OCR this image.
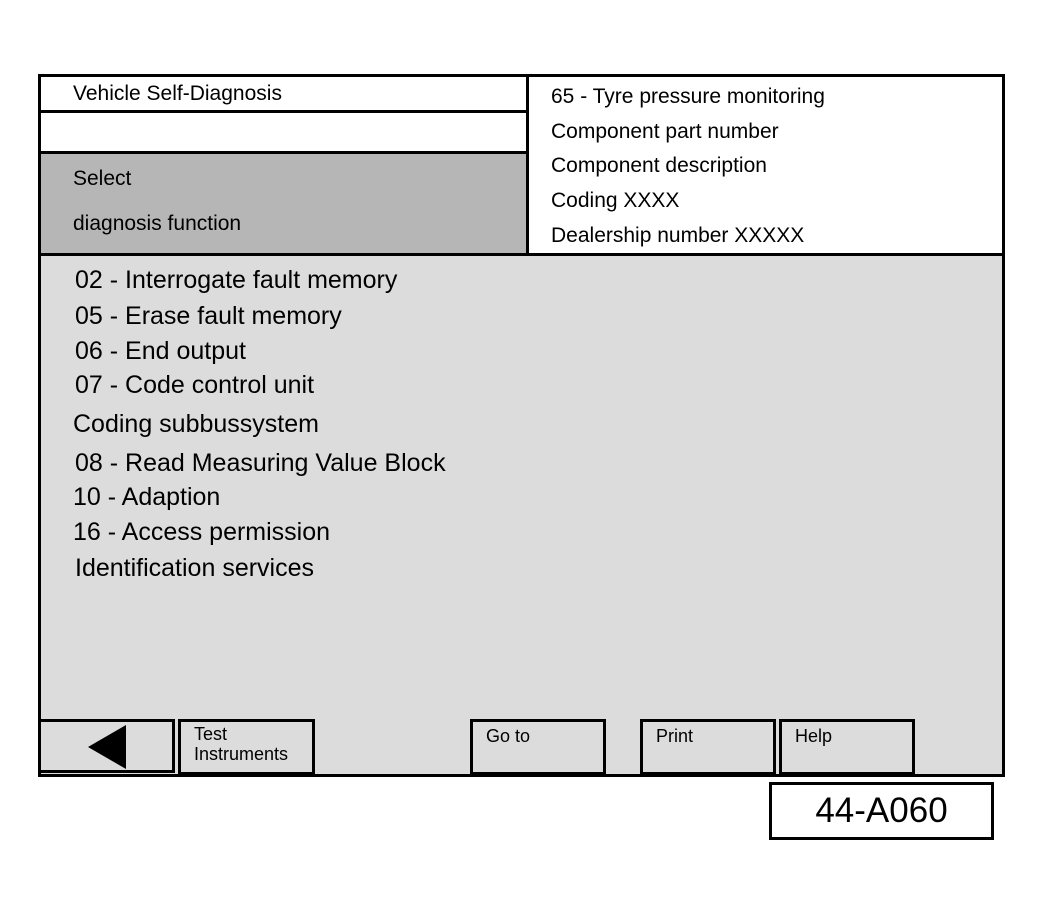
Vehicle Self-Diagnosis
Select
diagnosis function
65 - Tyre pressure monitoring
Component part number
Component description
Coding XXXX
Dealership number XXXXX
02 - Interrogate fault memory
05 - Erase fault memory
06 - End output
07 - Code control unit
Coding subbussystem
08 - Read Measuring Value Block
10 - Adaption
16 - Access permission
Identification services
Test
Instruments
Go to	Print	Help
44-A060
